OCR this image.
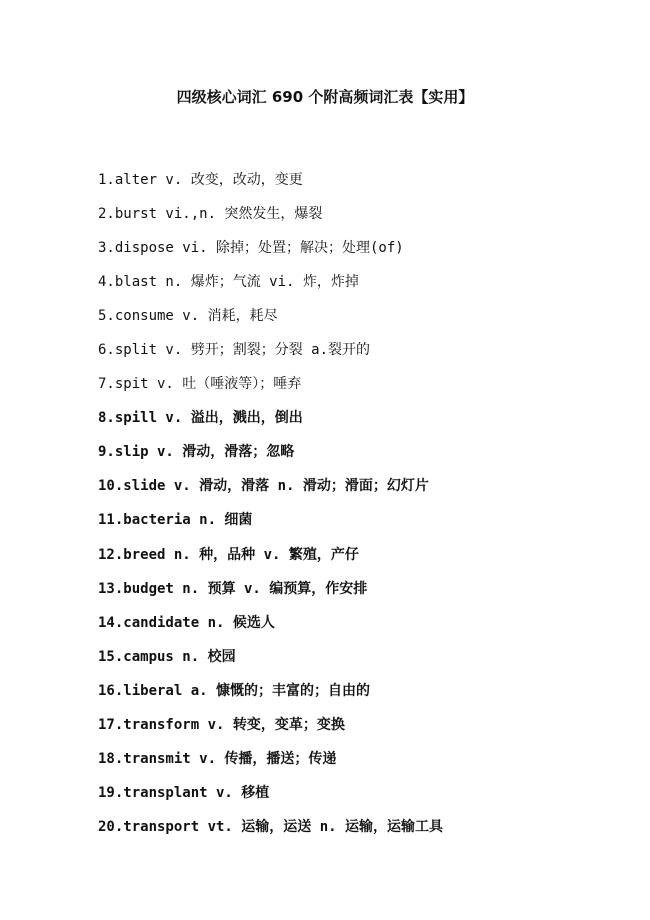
四级核心词汇 690 个附高频词汇表【实用】
1.alter v. 改变，改动，变更
2.burst vi.,n. 突然发生，爆裂
3.dispose vi. 除掉；处置；解决；处理(of)
4.blast n. 爆炸；气流 vi. 炸，炸掉
5.consume v. 消耗，耗尽
6.split v. 劈开；割裂；分裂 a.裂开的
7.spit v. 吐（唾液等）；唾弃
8.spill v. 溢出，溅出，倒出
9.slip v. 滑动，滑落；忽略
10.slide v. 滑动，滑落 n. 滑动；滑面；幻灯片
11.bacteria n. 细菌
12.breed n. 种，品种 v. 繁殖，产仔
13.budget n. 预算 v. 编预算，作安排
14.candidate n. 候选人
15.campus n. 校园
16.liberal a. 慷慨的；丰富的；自由的
17.transform v. 转变，变革；变换
18.transmit v. 传播，播送；传递
19.transplant v. 移植
20.transport vt. 运输，运送 n. 运输，运输工具
